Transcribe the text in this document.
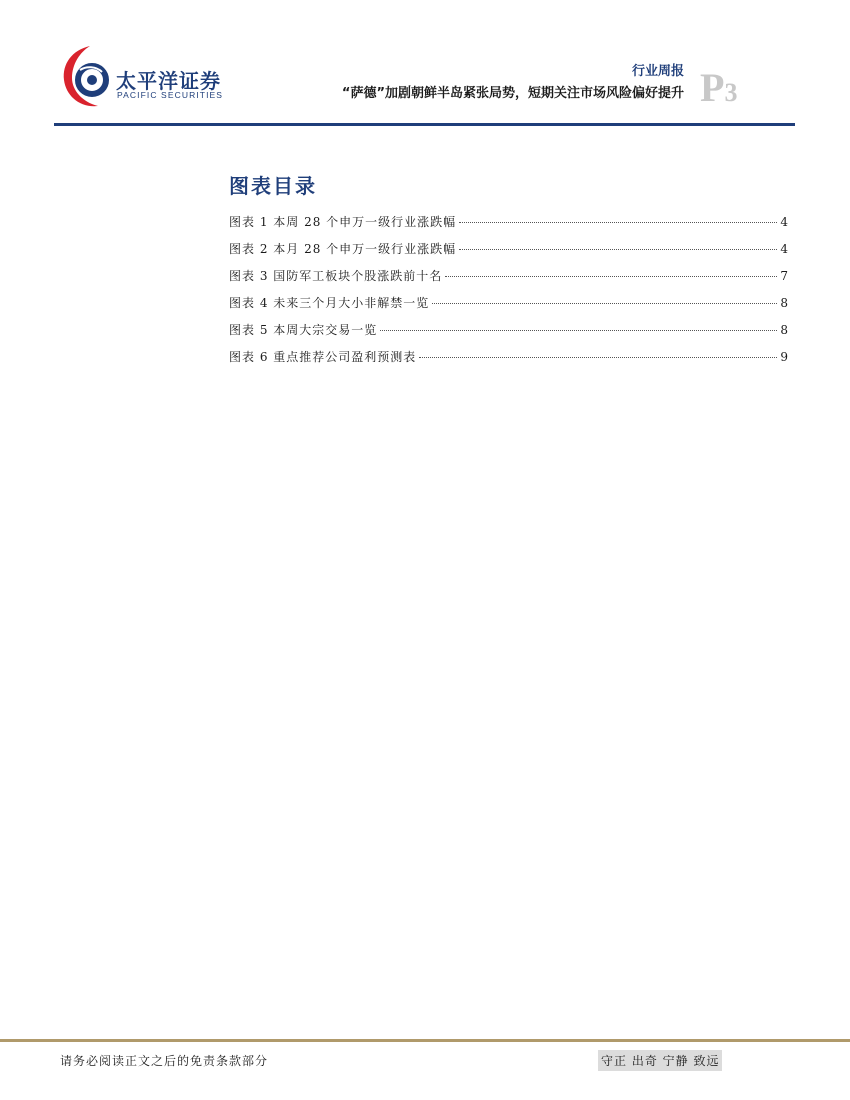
太平洋证券
PACIFIC SECURITIES
行业周报
“萨德”加剧朝鲜半岛紧张局势，短期关注市场风险偏好提升 P3
图表目录
图表 1 本周 28 个申万一级行业涨跌幅	4
图表 2 本月 28 个申万一级行业涨跌幅	4
图表 3 国防军工板块个股涨跌前十名	7
图表 4 未来三个月大小非解禁一览	8
图表 5 本周大宗交易一览	8
图表 6 重点推荐公司盈利预测表	9
请务必阅读正文之后的免责条款部分	守正 出奇 宁静 致远
